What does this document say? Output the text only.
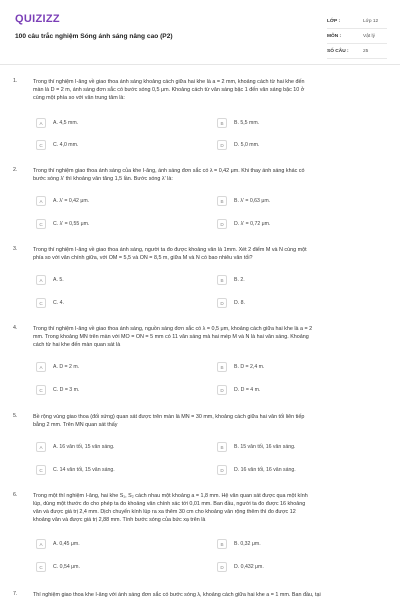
QUIZIZZ
100 câu trắc nghiệm Sóng ánh sáng nâng cao (P2)
LỚP :	Lớp 12
MÔN :	Vật lý
SỐ CÂU :	25
1.	Trong thí nghiệm I-âng về giao thoa ánh sáng khoảng cách giữa hai khe là a = 2 mm, khoảng cách từ hai khe đến
màn là D = 2 m, ánh sáng đơn sắc có bước sóng 0,5 μm. Khoảng cách từ vân sáng bậc 1 đến vân sáng bậc 10 ở
cùng một phía so với vân trung tâm là:
A	A. 4,5 mm.	B	B. 5,5 mm.
C	C. 4,0 mm.	D	D. 5,0 mm.
2.	Trong thí nghiệm giao thoa ánh sáng của khe I-âng, ánh sáng đơn sắc có λ = 0,42 μm. Khi thay ánh sáng khác có
bước sóng λ' thì khoảng vân tăng 1,5 lần. Bước sóng λ' là:
A	A. λ' = 0,42 μm.	B	B. λ' = 0,63 μm.
C	C. λ' = 0,55 μm.	D	D. λ' = 0,72 μm.
3.	Trong thí nghiệm I-âng về giao thoa ánh sáng, người ta đo được khoảng vân là 1mm. Xét 2 điểm M và N cùng một
phía so với vân chính giữa, với OM = 5,5 và ON = 8,5 m, giữa M và N có bao nhiêu vân tối?
A	A. 5.	B	B. 2.
C	C. 4.	D	D. 8.
4.	Trong thí nghiệm I-âng về giao thoa ánh sáng, nguồn sáng đơn sắc có λ = 0,5 μm, khoảng cách giữa hai khe là a = 2
mm. Trong khoảng MN trên màn với MO = ON = 5 mm có 11 vân sáng mà hai mép M và N là hai vân sáng. Khoảng
cách từ hai khe đến màn quan sát là
A	A. D = 2 m.	B	B. D = 2,4 m.
C	C. D = 3 m.	D	D. D = 4 m.
5.	Bề rộng vùng giao thoa (đối xứng) quan sát được trên màn là MN = 30 mm, khoảng cách giữa hai vân tối liên tiếp
bằng 2 mm. Trên MN quan sát thấy
A	A. 16 vân tối, 15 vân sáng.	B	B. 15 vân tối, 16 vân sáng.
C	C. 14 vân tối, 15 vân sáng.	D	D. 16 vân tối, 16 vân sáng.
6.	Trong một thí nghiệm I-âng, hai khe S₁, S₂ cách nhau một khoảng a = 1,8 mm. Hệ vân quan sát được qua một kính
lúp, dùng một thước đo cho phép ta đo khoảng vân chính xác tới 0,01 mm. Ban đầu, người ta đo được 16 khoảng
vân và được giá trị 2,4 mm. Dịch chuyển kính lúp ra xa thêm 30 cm cho khoảng vân rộng thêm thì đo được 12
khoảng vân và được giá trị 2,88 mm. Tính bước sóng của bức xạ trên là
A	A. 0,45 μm.	B	B. 0,32 μm.
C	C. 0,54 μm.	D	D. 0,432 μm.
7.	Thí nghiệm giao thoa khe I-âng với ánh sáng đơn sắc có bước sóng λ, khoảng cách giữa hai khe a = 1 mm. Ban đầu, tại
